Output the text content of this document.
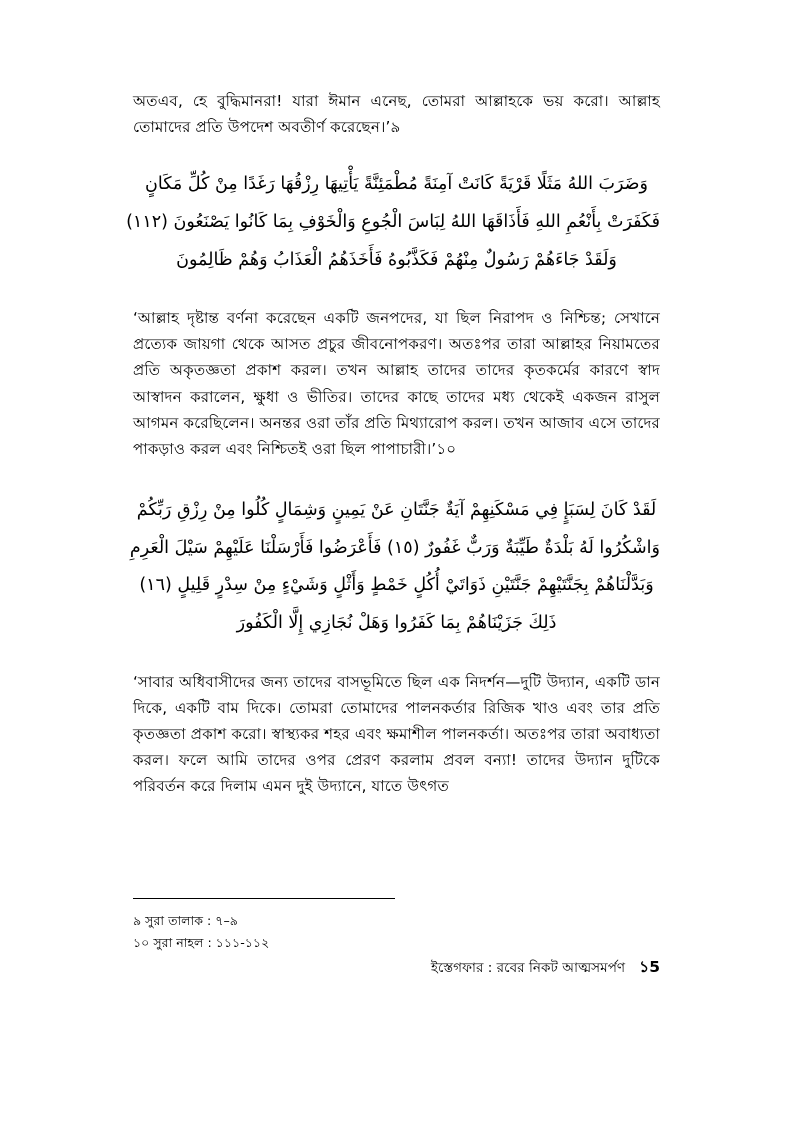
অতএব, হে বুদ্ধিমানরা! যারা ঈমান এনেছ, তোমরা আল্লাহকে ভয় করো। আল্লাহ তোমাদের প্রতি উপদেশ অবতীর্ণ করেছেন।’৯

وَضَرَبَ اللهُ مَثَلًا قَرْيَةً كَانَتْ آمِنَةً مُطْمَئِنَّةً يَأْتِيهَا رِزْقُهَا رَغَدًا مِنْ كُلِّ مَكَانٍ
فَكَفَرَتْ بِأَنْعُمِ اللهِ فَأَذَاقَهَا اللهُ لِبَاسَ الْجُوعِ وَالْخَوْفِ بِمَا كَانُوا يَصْنَعُونَ (١١٢)
وَلَقَدْ جَاءَهُمْ رَسُولٌ مِنْهُمْ فَكَذَّبُوهُ فَأَخَذَهُمُ الْعَذَابُ وَهُمْ ظَالِمُونَ

‘আল্লাহ দৃষ্টান্ত বর্ণনা করেছেন একটি জনপদের, যা ছিল নিরাপদ ও নিশ্চিন্ত; সেখানে প্রত্যেক জায়গা থেকে আসত প্রচুর জীবনোপকরণ। অতঃপর তারা আল্লাহর নিয়ামতের প্রতি অকৃতজ্ঞতা প্রকাশ করল। তখন আল্লাহ তাদের তাদের কৃতকর্মের কারণে স্বাদ আস্বাদন করালেন, ক্ষুধা ও ভীতির। তাদের কাছে তাদের মধ্য থেকেই একজন রাসুল আগমন করেছিলেন। অনন্তর ওরা তাঁর প্রতি মিথ্যারোপ করল। তখন আজাব এসে তাদের পাকড়াও করল এবং নিশ্চিতই ওরা ছিল পাপাচারী।’১০

لَقَدْ كَانَ لِسَبَإٍ فِي مَسْكَنِهِمْ آيَةٌ جَنَّتَانِ عَنْ يَمِينٍ وَشِمَالٍ كُلُوا مِنْ رِزْقِ رَبِّكُمْ
وَاشْكُرُوا لَهُ بَلْدَةٌ طَيِّبَةٌ وَرَبٌّ غَفُورٌ (١٥) فَأَعْرَضُوا فَأَرْسَلْنَا عَلَيْهِمْ سَيْلَ الْعَرِمِ
وَبَدَّلْنَاهُمْ بِجَنَّتَيْهِمْ جَنَّتَيْنِ ذَوَاتَيْ أُكُلٍ خَمْطٍ وَأَثْلٍ وَشَيْءٍ مِنْ سِدْرٍ قَلِيلٍ (١٦)
ذَلِكَ جَزَيْنَاهُمْ بِمَا كَفَرُوا وَهَلْ نُجَازِي إِلَّا الْكَفُورَ

‘সাবার অধিবাসীদের জন্য তাদের বাসভূমিতে ছিল এক নিদর্শন—দুটি উদ্যান, একটি ডান দিকে, একটি বাম দিকে। তোমরা তোমাদের পালনকর্তার রিজিক খাও এবং তার প্রতি কৃতজ্ঞতা প্রকাশ করো। স্বাস্থ্যকর শহর এবং ক্ষমাশীল পালনকর্তা। অতঃপর তারা অবাধ্যতা করল। ফলে আমি তাদের ওপর প্রেরণ করলাম প্রবল বন্যা! তাদের উদ্যান দুটিকে পরিবর্তন করে দিলাম এমন দুই উদ্যানে, যাতে উৎগত

৯ সুরা তালাক : ৭–৯
১০ সুরা নাহল : ১১১-১১২
ইস্তেগফার : রবের নিকট আত্মসমর্পণ ১5
